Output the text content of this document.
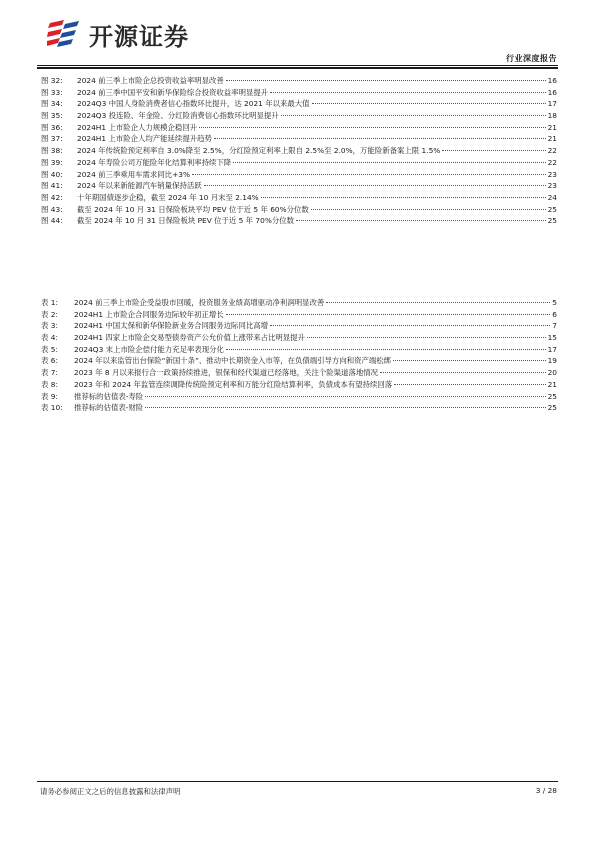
开源证券
行业深度报告
图 32:	2024 前三季上市险企总投资收益率明显改善	16
图 33:	2024 前三季中国平安和新华保险综合投资收益率明显提升	16
图 34:	2024Q3 中国人身险消费者信心指数环比提升，达 2021 年以来最大值	17
图 35:	2024Q3 投连险、年金险、分红险消费信心指数环比明显提升	18
图 36:	2024H1 上市险企人力规模企稳回升	21
图 37:	2024H1 上市险企人均产能延续提升趋势	21
图 38:	2024 年传统险预定利率自 3.0%降至 2.5%，分红险预定利率上限自 2.5%至 2.0%，万能险新备案上限 1.5%	22
图 39:	2024 年寿险公司万能险年化结算利率持续下降	22
图 40:	2024 前三季乘用车需求同比+3%	23
图 41:	2024 年以来新能源汽车销量保持活跃	23
图 42:	十年期国债逐步企稳，截至 2024 年 10 月末至 2.14%	24
图 43:	截至 2024 年 10 月 31 日保险板块平均 PEV 位于近 5 年 60%分位数	25
图 44:	截至 2024 年 10 月 31 日保险板块 PEV 位于近 5 年 70%分位数	25
表 1:	2024 前三季上市险企受益股市回暖，投资服务业绩高增驱动净利润明显改善	5
表 2:	2024H1 上市险企合同服务边际较年初正增长	6
表 3:	2024H1 中国太保和新华保险新业务合同服务边际同比高增	7
表 4:	2024H1 四家上市险企交易型债券资产公允价值上涨带来占比明显提升	15
表 5:	2024Q3 末上市险企偿付能力充足率表现分化	17
表 6:	2024 年以来监管出台保险“新国十条”、推动中长期资金入市等，在负债端引导方向和资产端松绑	19
表 7:	2023 年 8 月以来报行合一政策持续推进，银保和经代渠道已经落地，关注个险渠道落地情况	20
表 8:	2023 年和 2024 年监管连续调降传统险预定利率和万能分红险结算利率，负债成本有望持续回落	21
表 9:	推荐标的估值表-寿险	25
表 10:	推荐标的估值表-财险	25
请务必参阅正文之后的信息披露和法律声明	3 / 28
